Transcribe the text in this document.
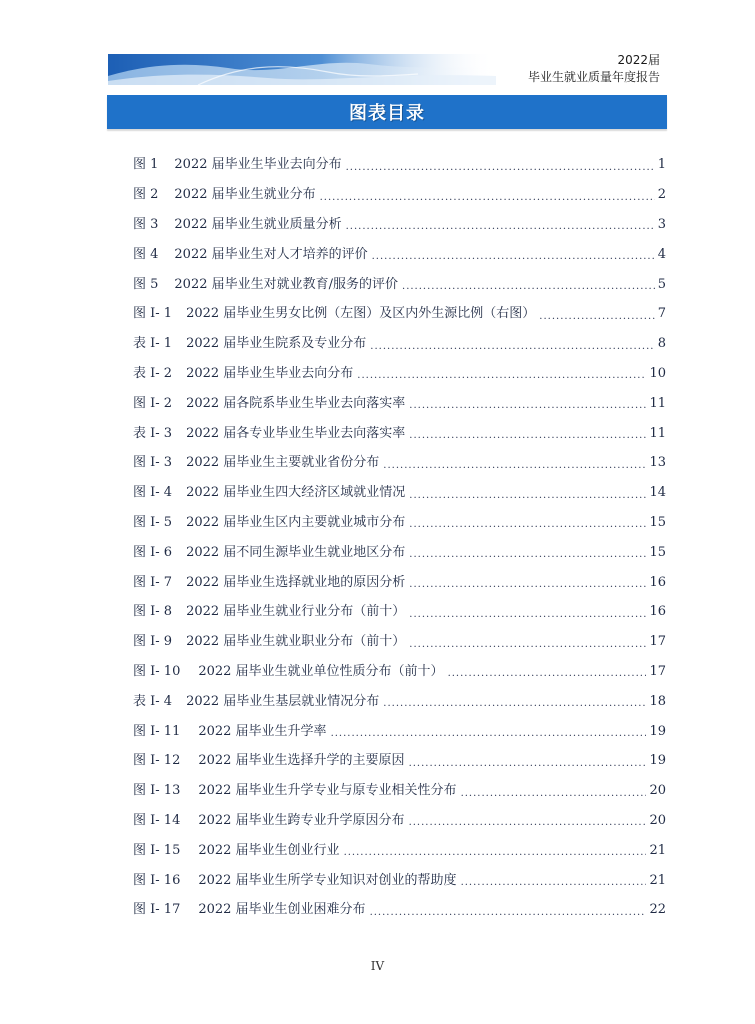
2022届
毕业生就业质量年度报告
图表目录
图 1 2022 届毕业生毕业去向分布 .....	1
图 2 2022 届毕业生就业分布 .....	2
图 3 2022 届毕业生就业质量分析 .....	3
图 4 2022 届毕业生对人才培养的评价 .....	4
图 5 2022 届毕业生对就业教育/服务的评价 .....	5
图 I- 1 2022 届毕业生男女比例（左图）及区内外生源比例（右图） .....	7
表 I- 1 2022 届毕业生院系及专业分布 .....	8
表 I- 2 2022 届毕业生毕业去向分布 .....	10
图 I- 2 2022 届各院系毕业生毕业去向落实率 .....	11
表 I- 3 2022 届各专业毕业生毕业去向落实率 .....	11
图 I- 3 2022 届毕业生主要就业省份分布 .....	13
图 I- 4 2022 届毕业生四大经济区域就业情况 .....	14
图 I- 5 2022 届毕业生区内主要就业城市分布 .....	15
图 I- 6 2022 届不同生源毕业生就业地区分布 .....	15
图 I- 7 2022 届毕业生选择就业地的原因分析 .....	16
图 I- 8 2022 届毕业生就业行业分布（前十） .....	16
图 I- 9 2022 届毕业生就业职业分布（前十） .....	17
图 I- 10 2022 届毕业生就业单位性质分布（前十） .....	17
表 I- 4 2022 届毕业生基层就业情况分布 .....	18
图 I- 11 2022 届毕业生升学率 .....	19
图 I- 12 2022 届毕业生选择升学的主要原因 .....	19
图 I- 13 2022 届毕业生升学专业与原专业相关性分布 .....	20
图 I- 14 2022 届毕业生跨专业升学原因分布 .....	20
图 I- 15 2022 届毕业生创业行业 .....	21
图 I- 16 2022 届毕业生所学专业知识对创业的帮助度 .....	21
图 I- 17 2022 届毕业生创业困难分布 .....	22
IV
